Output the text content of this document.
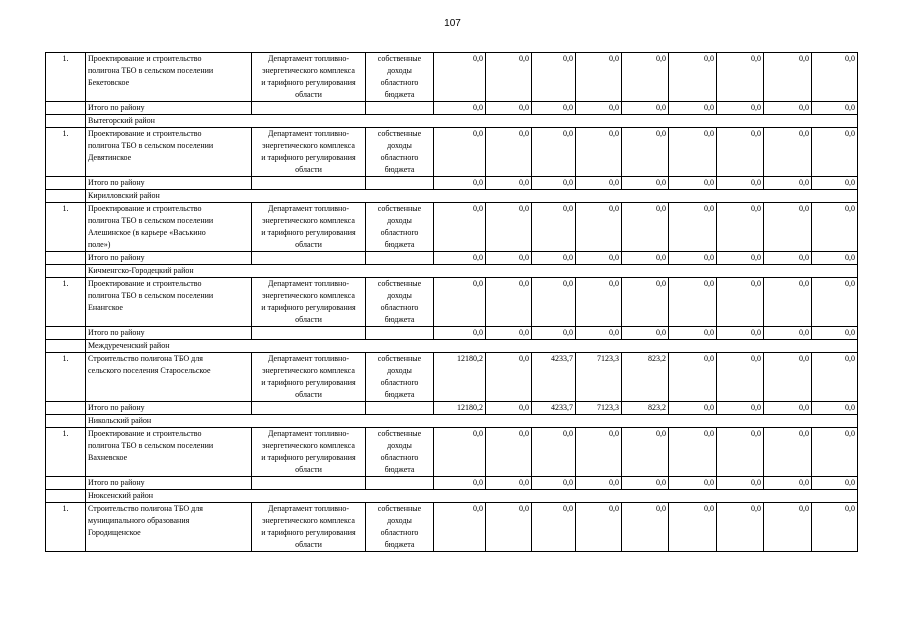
107
1.	Проектирование и строительство
полигона ТБО в сельском поселении
Бекетовское	Департамент топливно-
энергетического комплекса
и тарифного регулирования
области	собственные
доходы
областного
бюджета	0,0	0,0	0,0	0,0	0,0	0,0	0,0	0,0	0,0
	Итого по району			0,0	0,0	0,0	0,0	0,0	0,0	0,0	0,0	0,0
	Вытегорский район											
1.	Проектирование и строительство
полигона ТБО в сельском поселении
Девятинское	Департамент топливно-
энергетического комплекса
и тарифного регулирования
области	собственные
доходы
областного
бюджета	0,0	0,0	0,0	0,0	0,0	0,0	0,0	0,0	0,0
	Итого по району			0,0	0,0	0,0	0,0	0,0	0,0	0,0	0,0	0,0
	Кирилловский район											
1.	Проектирование и строительство
полигона ТБО в сельском поселении
Алешинское (в карьере «Васькино
поле»)	Департамент топливно-
энергетического комплекса
и тарифного регулирования
области	собственные
доходы
областного
бюджета	0,0	0,0	0,0	0,0	0,0	0,0	0,0	0,0	0,0
	Итого по району			0,0	0,0	0,0	0,0	0,0	0,0	0,0	0,0	0,0
	Кичменгско-Городецкий район											
1.	Проектирование и строительство
полигона ТБО в сельском поселении
Енангское	Департамент топливно-
энергетического комплекса
и тарифного регулирования
области	собственные
доходы
областного
бюджета	0,0	0,0	0,0	0,0	0,0	0,0	0,0	0,0	0,0
	Итого по району			0,0	0,0	0,0	0,0	0,0	0,0	0,0	0,0	0,0
	Междуреченский район											
1.	Строительство полигона ТБО для
сельского поселения Старосельское	Департамент топливно-
энергетического комплекса
и тарифного регулирования
области	собственные
доходы
областного
бюджета	12180,2	0,0	4233,7	7123,3	823,2	0,0	0,0	0,0	0,0
	Итого по району			12180,2	0,0	4233,7	7123,3	823,2	0,0	0,0	0,0	0,0
	Никольский район											
1.	Проектирование и строительство
полигона ТБО в сельском поселении
Вахневское	Департамент топливно-
энергетического комплекса
и тарифного регулирования
области	собственные
доходы
областного
бюджета	0,0	0,0	0,0	0,0	0,0	0,0	0,0	0,0	0,0
	Итого по району			0,0	0,0	0,0	0,0	0,0	0,0	0,0	0,0	0,0
	Нюксенский район											
1.	Строительство полигона ТБО для
муниципального образования
Городищенское	Департамент топливно-
энергетического комплекса
и тарифного регулирования
области	собственные
доходы
областного
бюджета	0,0	0,0	0,0	0,0	0,0	0,0	0,0	0,0	0,0
